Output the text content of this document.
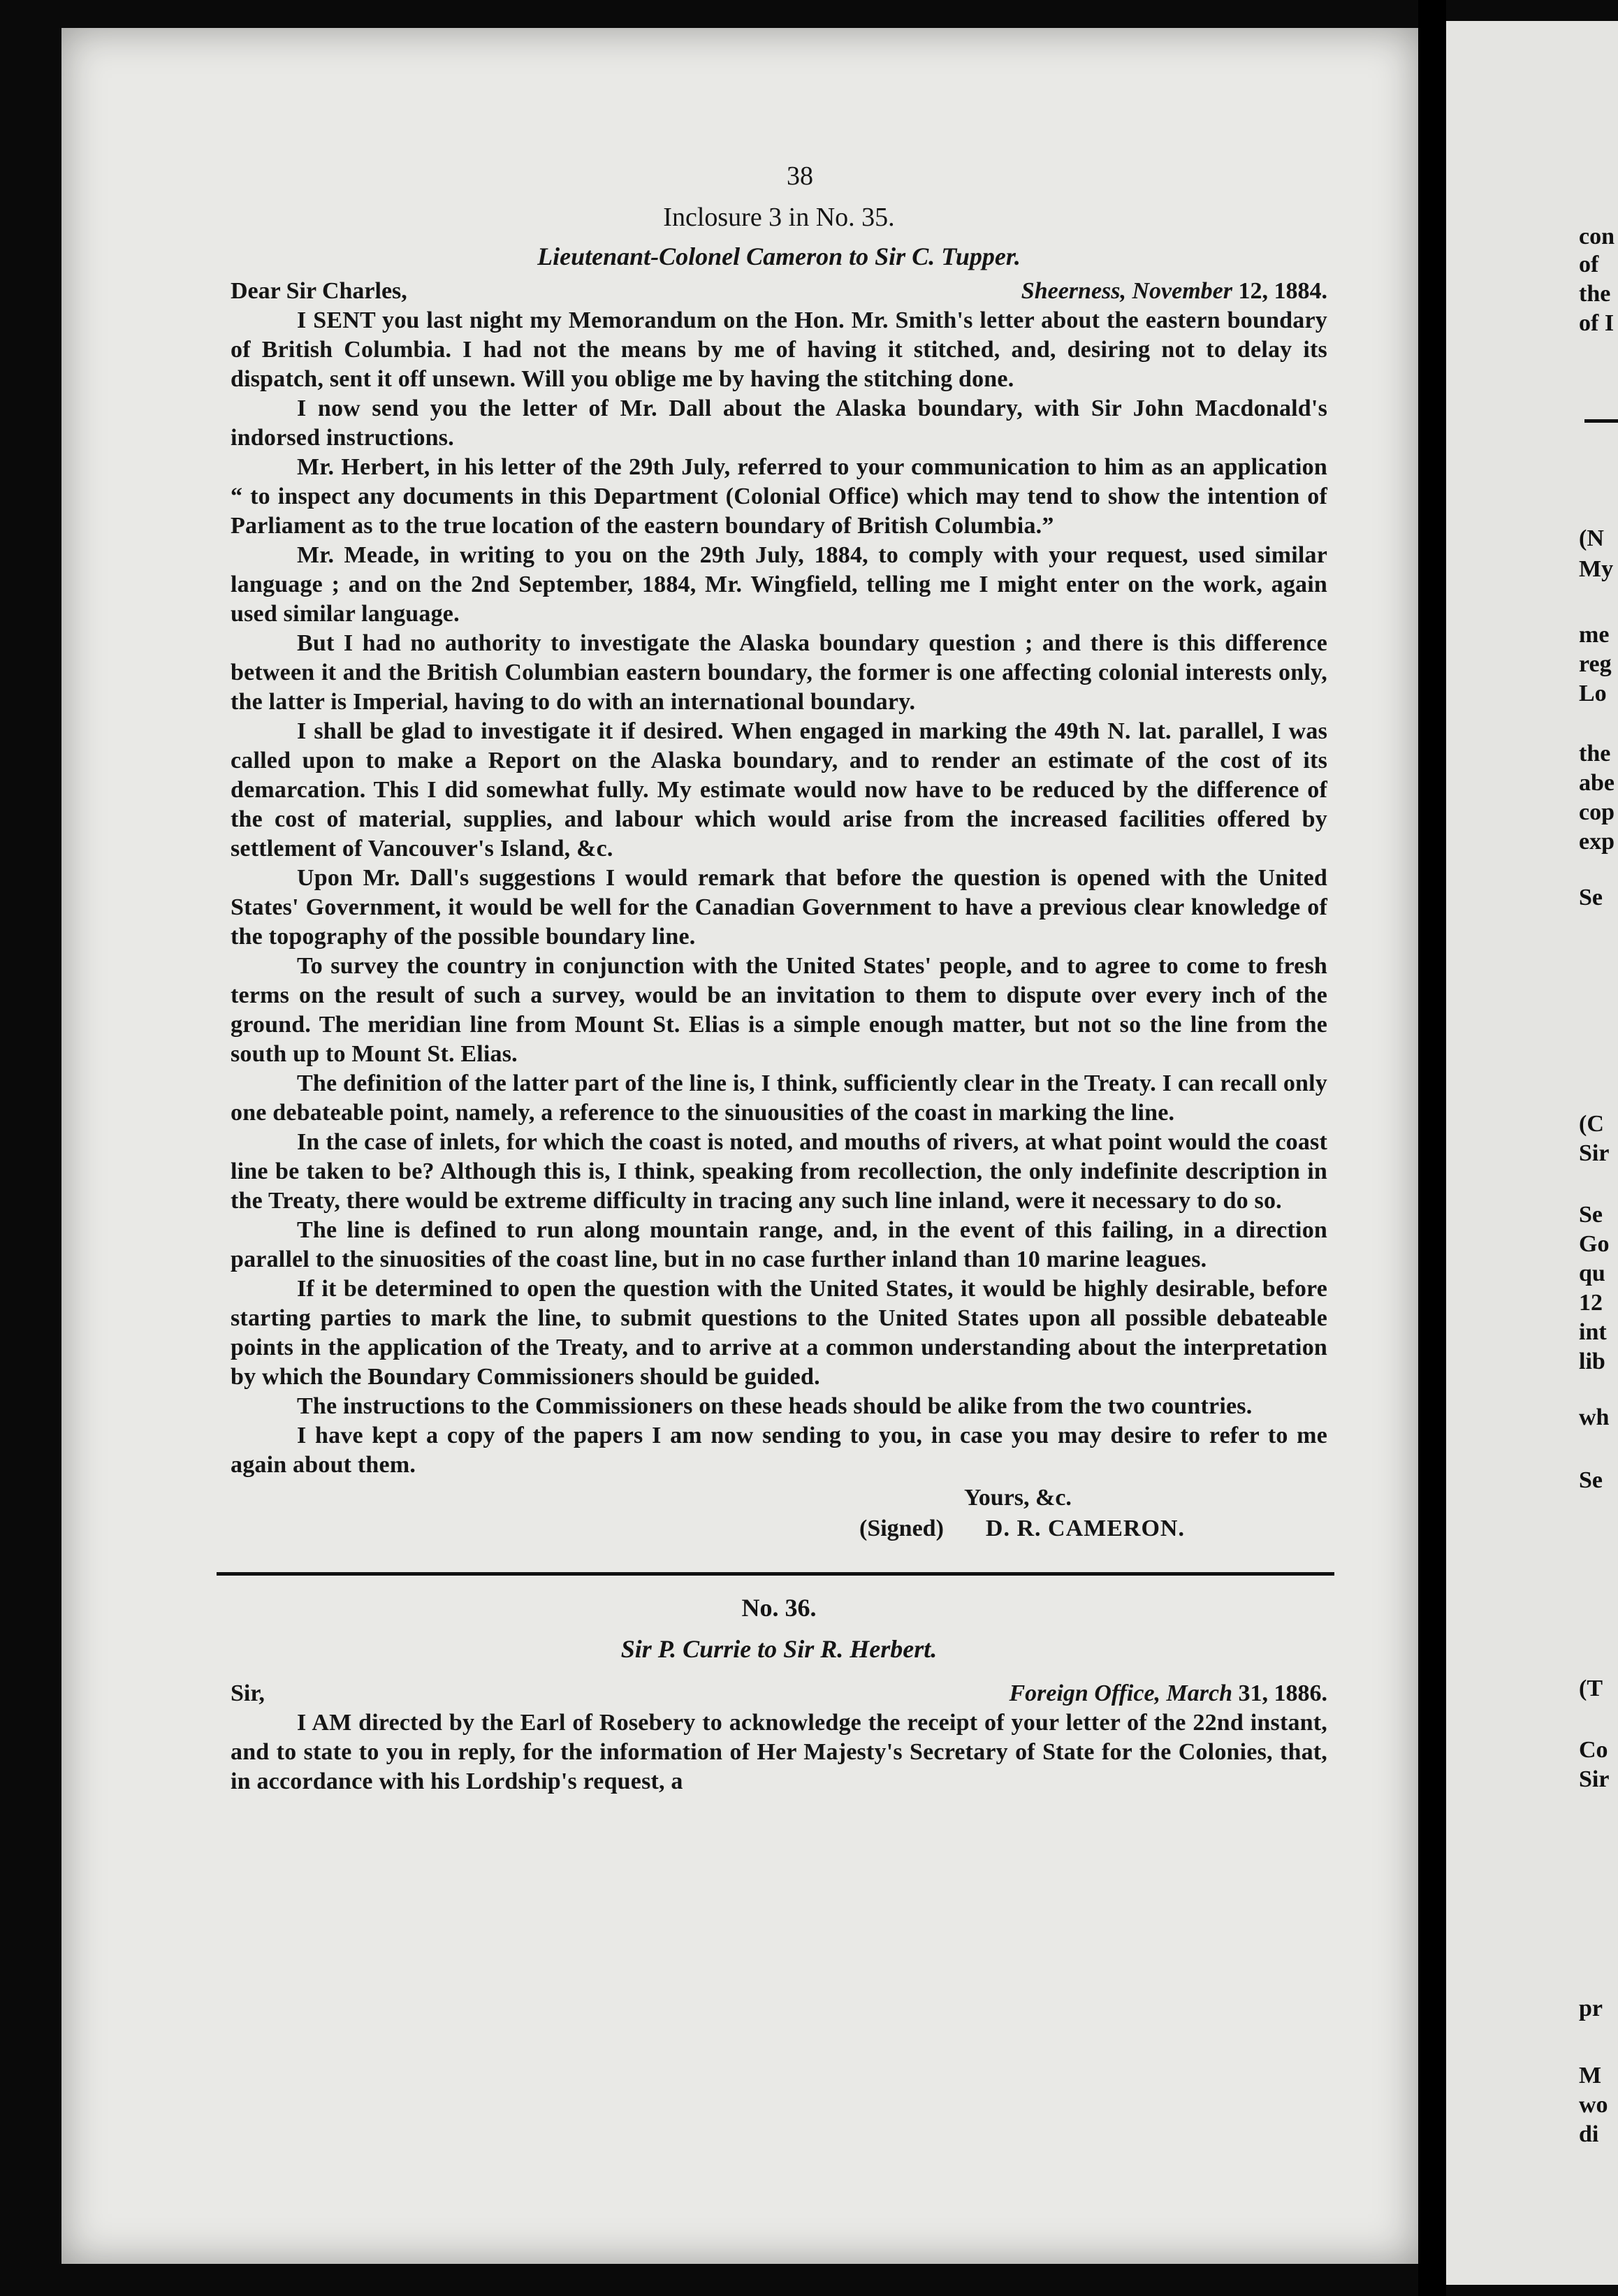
con
of
the
of I
(N
My
me
reg
Lo
the
abe
cop
exp
Se
(C
Sir
Se
Go
qu
12
int
lib
wh
Se
(T
Co
Sir
pr
M
wo
di
38
Inclosure 3 in No. 35.
Lieutenant-Colonel Cameron to Sir C. Tupper.
Dear Sir Charles,	Sheerness, November 12, 1884.

I SENT you last night my Memorandum on the Hon. Mr. Smith's letter about the eastern boundary of British Columbia. I had not the means by me of having it stitched, and, desiring not to delay its dispatch, sent it off unsewn. Will you oblige me by having the stitching done.

I now send you the letter of Mr. Dall about the Alaska boundary, with Sir John Macdonald's indorsed instructions.

Mr. Herbert, in his letter of the 29th July, referred to your communication to him as an application “ to inspect any documents in this Department (Colonial Office) which may tend to show the intention of Parliament as to the true location of the eastern boundary of British Columbia.”

Mr. Meade, in writing to you on the 29th July, 1884, to comply with your request, used similar language ; and on the 2nd September, 1884, Mr. Wingfield, telling me I might enter on the work, again used similar language.

But I had no authority to investigate the Alaska boundary question ; and there is this difference between it and the British Columbian eastern boundary, the former is one affecting colonial interests only, the latter is Imperial, having to do with an international boundary.

I shall be glad to investigate it if desired. When engaged in marking the 49th N. lat. parallel, I was called upon to make a Report on the Alaska boundary, and to render an estimate of the cost of its demarcation. This I did somewhat fully. My estimate would now have to be reduced by the difference of the cost of material, supplies, and labour which would arise from the increased facilities offered by settlement of Vancouver's Island, &c.

Upon Mr. Dall's suggestions I would remark that before the question is opened with the United States' Government, it would be well for the Canadian Government to have a previous clear knowledge of the topography of the possible boundary line.

To survey the country in conjunction with the United States' people, and to agree to come to fresh terms on the result of such a survey, would be an invitation to them to dispute over every inch of the ground. The meridian line from Mount St. Elias is a simple enough matter, but not so the line from the south up to Mount St. Elias.

The definition of the latter part of the line is, I think, sufficiently clear in the Treaty. I can recall only one debateable point, namely, a reference to the sinuousities of the coast in marking the line.

In the case of inlets, for which the coast is noted, and mouths of rivers, at what point would the coast line be taken to be? Although this is, I think, speaking from recollection, the only indefinite description in the Treaty, there would be extreme difficulty in tracing any such line inland, were it necessary to do so.

The line is defined to run along mountain range, and, in the event of this failing, in a direction parallel to the sinuosities of the coast line, but in no case further inland than 10 marine leagues.

If it be determined to open the question with the United States, it would be highly desirable, before starting parties to mark the line, to submit questions to the United States upon all possible debateable points in the application of the Treaty, and to arrive at a common understanding about the interpretation by which the Boundary Commissioners should be guided.

The instructions to the Commissioners on these heads should be alike from the two countries.

I have kept a copy of the papers I am now sending to you, in case you may desire to refer to me again about them.

Yours, &c.
(Signed) D. R. CAMERON.
No. 36.
Sir P. Currie to Sir R. Herbert.
Sir,	Foreign Office, March 31, 1886.

I AM directed by the Earl of Rosebery to acknowledge the receipt of your letter of the 22nd instant, and to state to you in reply, for the information of Her Majesty's Secretary of State for the Colonies, that, in accordance with his Lordship's request, a
